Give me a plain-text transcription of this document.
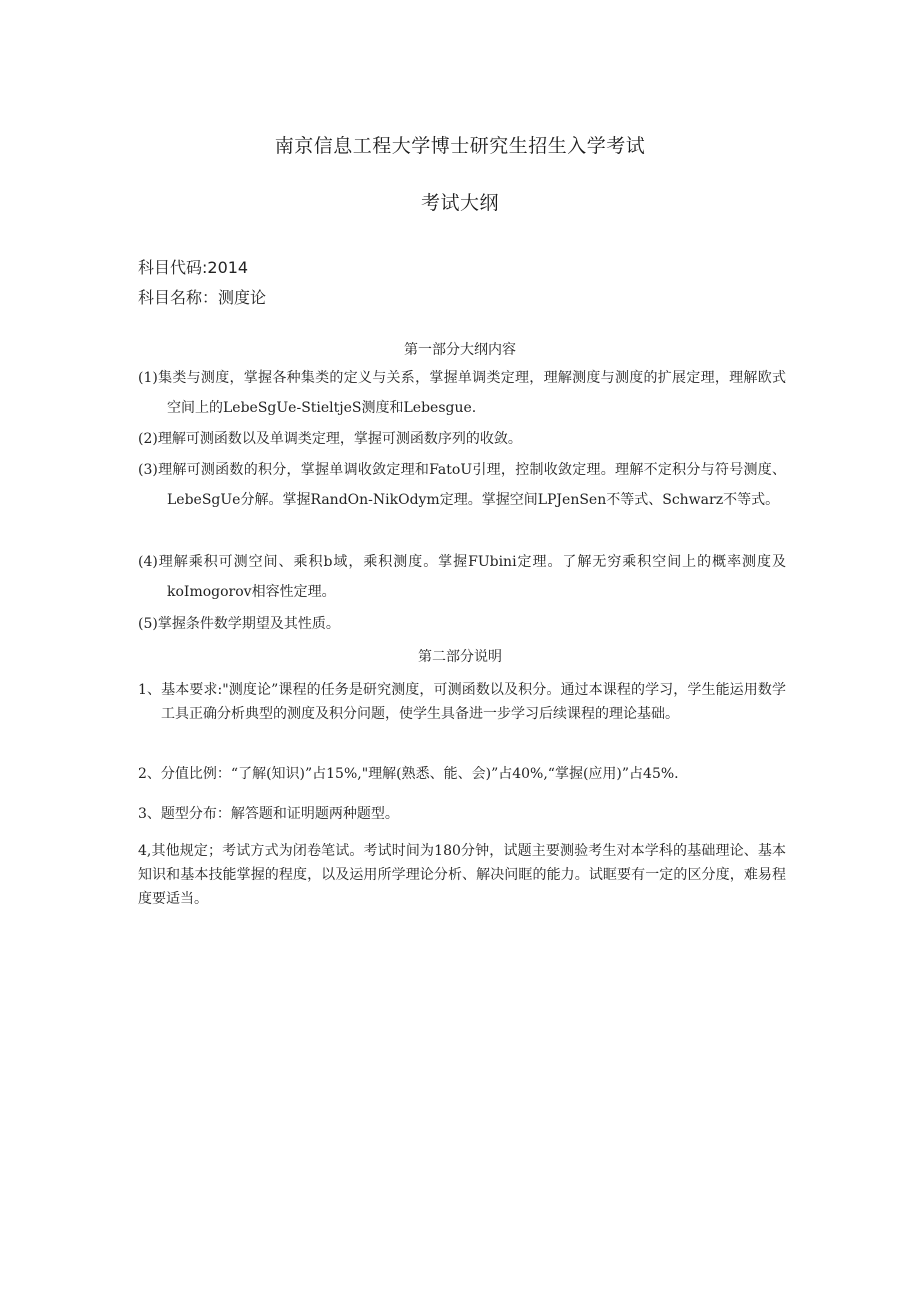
南京信息工程大学博士研究生招生入学考试
考试大纲
科目代码:2014
科目名称：测度论
第一部分大纲内容
(1)集类与测度，掌握各种集类的定义与关系，掌握单调类定理，理解测度与测度的扩展定理，理解欧式空间上的LebeSgUe-StieltjeS测度和Lebesgue.
(2)理解可测函数以及单调类定理，掌握可测函数序列的收敛。
(3)理解可测函数的积分，掌握单调收敛定理和FatoU引理，控制收敛定理。理解不定积分与符号测度、LebeSgUe分解。掌握RandOn-NikOdym定理。掌握空间LPJenSen不等式、Schwarz不等式。
(4)理解乘积可测空间、乘积b域，乘积测度。掌握FUbini定理。了解无穷乘积空间上的概率测度及koImogorov相容性定理。
(5)掌握条件数学期望及其性质。
第二部分说明
1、基本要求:"测度论”课程的任务是研究测度，可测函数以及积分。通过本课程的学习，学生能运用数学工具正确分析典型的测度及积分问题，使学生具备进一步学习后续课程的理论基础。
2、分值比例：“了解(知识)”占15%,"理解(熟悉、能、会)”占40%,“掌握(应用)”占45%.
3、题型分布：解答题和证明题两种题型。
4,其他规定；考试方式为闭卷笔试。考试时间为180分钟，试题主要测验考生对本学科的基础理论、基本知识和基本技能掌握的程度，以及运用所学理论分析、解决问眶的能力。试眶要有一定的区分度，难易程度要适当。
